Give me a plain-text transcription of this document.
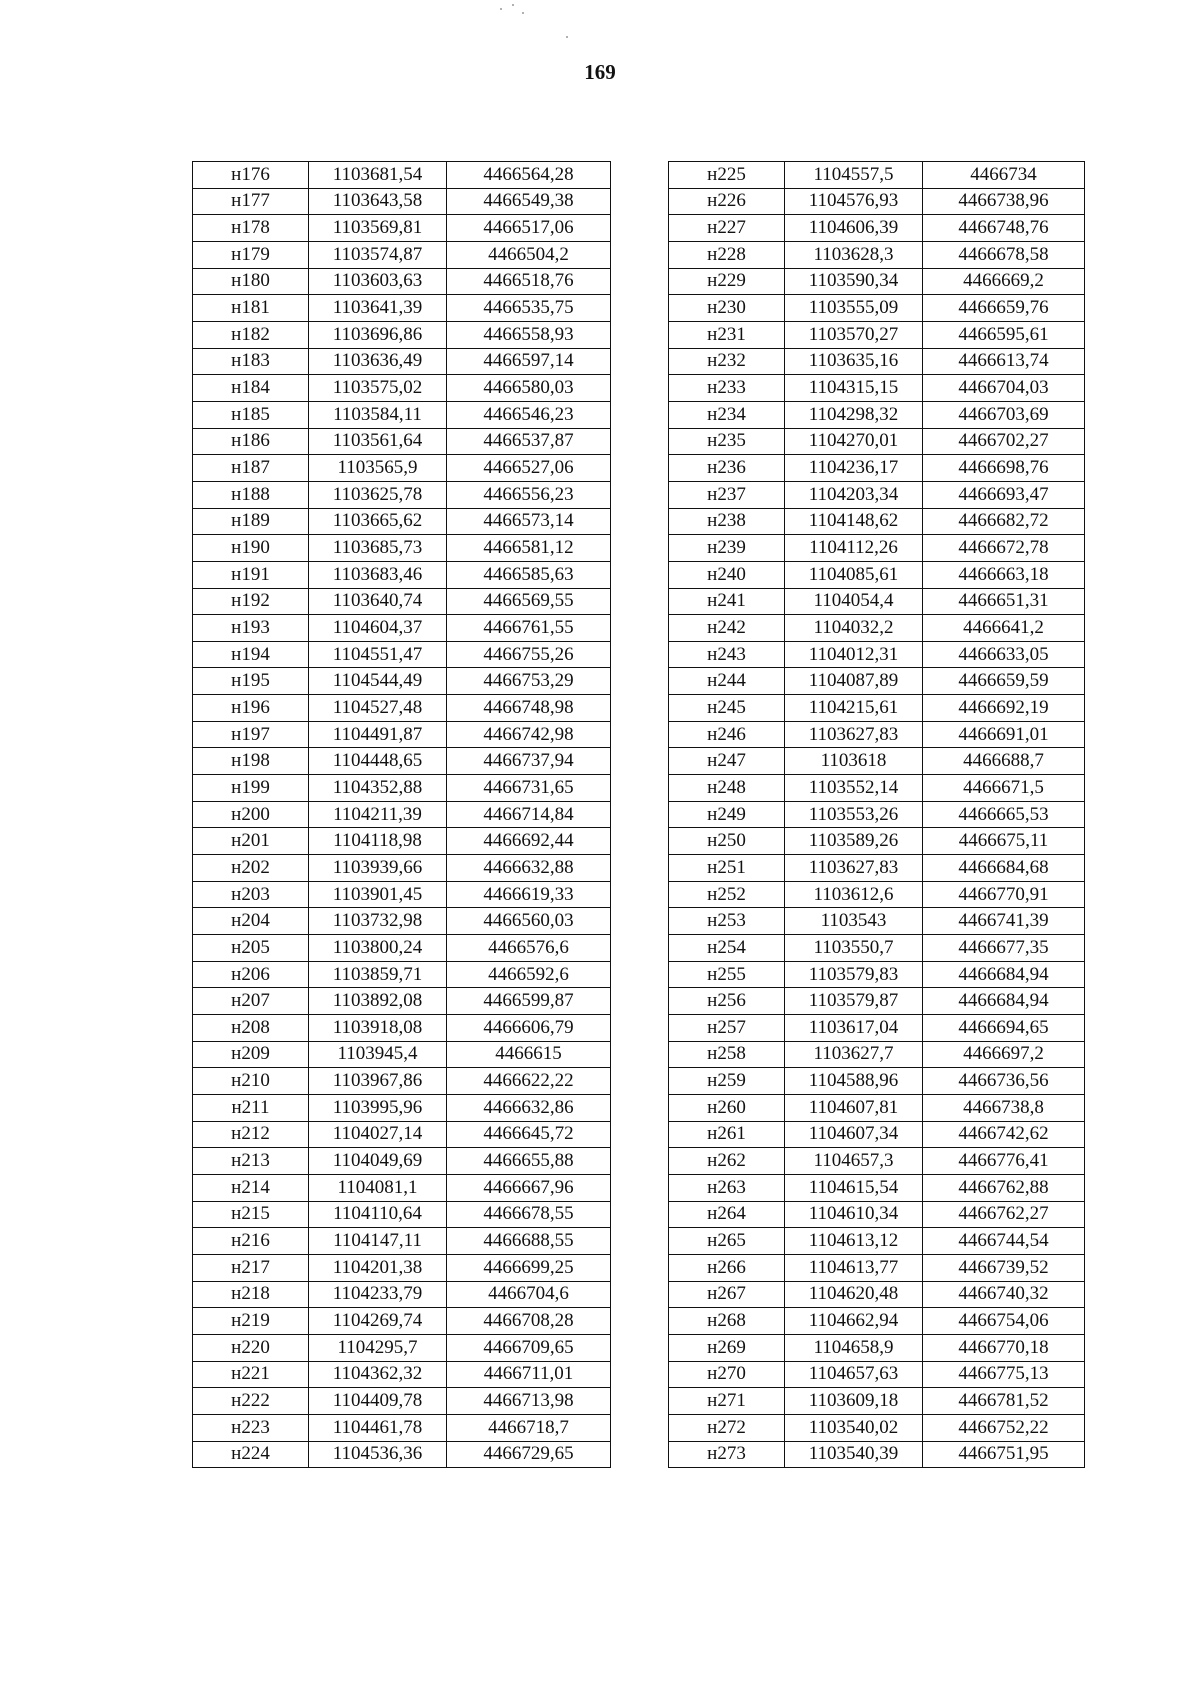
169
н176	1103681,54	4466564,28
н177	1103643,58	4466549,38
н178	1103569,81	4466517,06
н179	1103574,87	4466504,2
н180	1103603,63	4466518,76
н181	1103641,39	4466535,75
н182	1103696,86	4466558,93
н183	1103636,49	4466597,14
н184	1103575,02	4466580,03
н185	1103584,11	4466546,23
н186	1103561,64	4466537,87
н187	1103565,9	4466527,06
н188	1103625,78	4466556,23
н189	1103665,62	4466573,14
н190	1103685,73	4466581,12
н191	1103683,46	4466585,63
н192	1103640,74	4466569,55
н193	1104604,37	4466761,55
н194	1104551,47	4466755,26
н195	1104544,49	4466753,29
н196	1104527,48	4466748,98
н197	1104491,87	4466742,98
н198	1104448,65	4466737,94
н199	1104352,88	4466731,65
н200	1104211,39	4466714,84
н201	1104118,98	4466692,44
н202	1103939,66	4466632,88
н203	1103901,45	4466619,33
н204	1103732,98	4466560,03
н205	1103800,24	4466576,6
н206	1103859,71	4466592,6
н207	1103892,08	4466599,87
н208	1103918,08	4466606,79
н209	1103945,4	4466615
н210	1103967,86	4466622,22
н211	1103995,96	4466632,86
н212	1104027,14	4466645,72
н213	1104049,69	4466655,88
н214	1104081,1	4466667,96
н215	1104110,64	4466678,55
н216	1104147,11	4466688,55
н217	1104201,38	4466699,25
н218	1104233,79	4466704,6
н219	1104269,74	4466708,28
н220	1104295,7	4466709,65
н221	1104362,32	4466711,01
н222	1104409,78	4466713,98
н223	1104461,78	4466718,7
н224	1104536,36	4466729,65
н225	1104557,5	4466734
н226	1104576,93	4466738,96
н227	1104606,39	4466748,76
н228	1103628,3	4466678,58
н229	1103590,34	4466669,2
н230	1103555,09	4466659,76
н231	1103570,27	4466595,61
н232	1103635,16	4466613,74
н233	1104315,15	4466704,03
н234	1104298,32	4466703,69
н235	1104270,01	4466702,27
н236	1104236,17	4466698,76
н237	1104203,34	4466693,47
н238	1104148,62	4466682,72
н239	1104112,26	4466672,78
н240	1104085,61	4466663,18
н241	1104054,4	4466651,31
н242	1104032,2	4466641,2
н243	1104012,31	4466633,05
н244	1104087,89	4466659,59
н245	1104215,61	4466692,19
н246	1103627,83	4466691,01
н247	1103618	4466688,7
н248	1103552,14	4466671,5
н249	1103553,26	4466665,53
н250	1103589,26	4466675,11
н251	1103627,83	4466684,68
н252	1103612,6	4466770,91
н253	1103543	4466741,39
н254	1103550,7	4466677,35
н255	1103579,83	4466684,94
н256	1103579,87	4466684,94
н257	1103617,04	4466694,65
н258	1103627,7	4466697,2
н259	1104588,96	4466736,56
н260	1104607,81	4466738,8
н261	1104607,34	4466742,62
н262	1104657,3	4466776,41
н263	1104615,54	4466762,88
н264	1104610,34	4466762,27
н265	1104613,12	4466744,54
н266	1104613,77	4466739,52
н267	1104620,48	4466740,32
н268	1104662,94	4466754,06
н269	1104658,9	4466770,18
н270	1104657,63	4466775,13
н271	1103609,18	4466781,52
н272	1103540,02	4466752,22
н273	1103540,39	4466751,95
